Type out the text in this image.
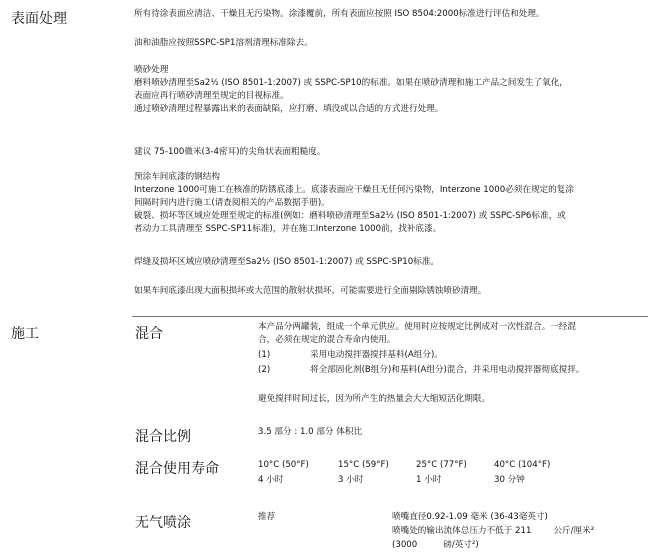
表面处理	所有待涂表面应清洁、干燥且无污染物。涂漆覆前，所有表面应按照 ISO 8504:2000标准进行评估和处理。
油和油脂应按照SSPC-SP1溶剂清理标准除去。
喷砂处理
磨料喷砂清理至Sa2½ (ISO 8501-1:2007) 或 SSPC-SP10的标准。如果在喷砂清理和施工产品之间发生了氧化，
表面应再行喷砂清理至规定的目视标准。
通过喷砂清理过程暴露出来的表面缺陷，应打磨、填没或以合适的方式进行处理。
建议 75-100微米(3-4密耳)的尖角状表面粗糙度。
预涂车间底漆的钢结构
Interzone 1000可施工在核准的防锈底漆上。底漆表面应干燥且无任何污染物，Interzone 1000必须在规定的复涂
间隔时间内进行施工(请查阅相关的产品数据手册)。
破裂、损坏等区域应处理至规定的标准(例如：磨料喷砂清理至Sa2½ (ISO 8501-1:2007) 或 SSPC-SP6标准，或
者动力工具清理至 SSPC-SP11标准)，并在施工Interzone 1000前，找补底漆。
焊缝及损坏区域应喷砂清理至Sa2½ (ISO 8501-1:2007) 或 SSPC-SP10标准。
如果车间底漆出现大面积损坏或大范围的散射状损坏，可能需要进行全面剔除锈蚀喷砂清理。
施工	混合	本产品分两罐装，组成一个单元供应。使用时应按规定比例成对一次性混合。一经混
合，必须在规定的混合寿命内使用。
(1)	采用电动搅拌器搅拌基料(A组分)。
(2)	将全部固化剂(B组分)和基料(A组分)混合，并采用电动搅拌器彻底搅拌。
避免搅拌时间过长，因为所产生的热量会大大缩短活化期限。
混合比例	3.5 部分 : 1.0 部分 体积比
混合使用寿命	10°C (50°F)	15°C (59°F)	25°C (77°F)	40°C (104°F)
4 小时	3 小时	1 小时	30 分钟
无气喷涂	推荐	喷嘴直径0.92-1.09 毫米 (36-43毫英寸)
喷嘴处的输出流体总压力不低于 211	公斤/厘米²
(3000	磅/英寸²)
